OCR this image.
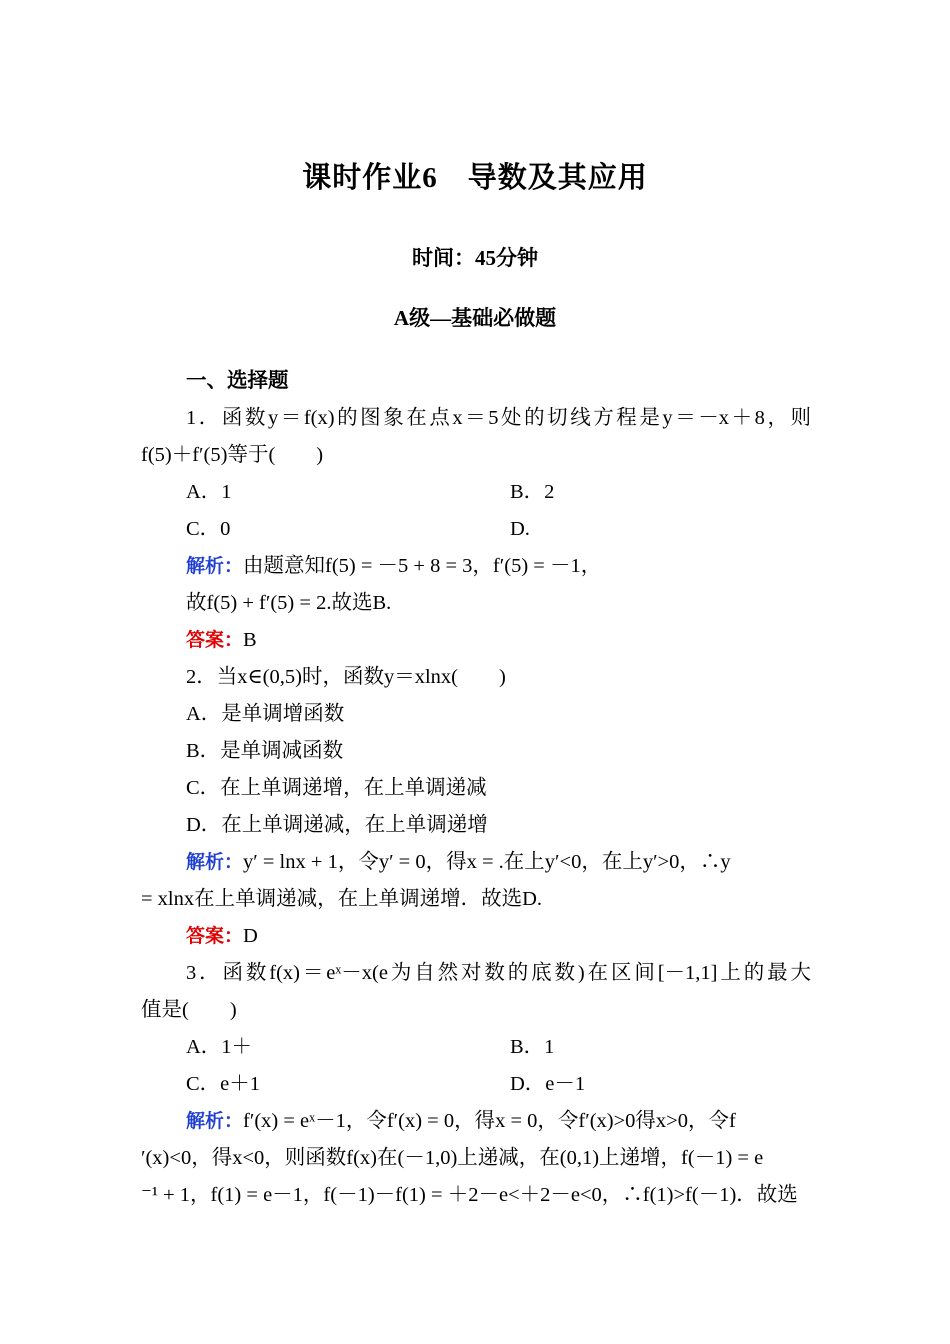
课时作业6　导数及其应用
时间：45分钟
A级—基础必做题
一、选择题
1．函数y＝f(x)的图象在点x＝5处的切线方程是y＝－x＋8，则
f(5)＋f′(5)等于(　　)
A．1	B．2
C．0	D.
解析：由题意知f(5) = －5 + 8 = 3，f′(5) = －1，
故f(5) + f′(5) = 2.故选B.
答案：B
2．当x∈(0,5)时，函数y＝xlnx(　　)
A．是单调增函数
B．是单调减函数
C．在上单调递增，在上单调递减
D．在上单调递减，在上单调递增
解析：y′ = lnx + 1，令y′ = 0，得x = .在上y′<0，在上y′>0，∴y
= xlnx在上单调递减，在上单调递增．故选D.
答案：D
3．函数f(x)＝eˣ－x(e为自然对数的底数)在区间[－1,1]上的最大
值是(　　)
A．1＋	B．1
C．e＋1	D．e－1
解析：f′(x) = eˣ－1，令f′(x) = 0，得x = 0，令f′(x)>0得x>0，令f
′(x)<0，得x<0，则函数f(x)在(－1,0)上递减，在(0,1)上递增，f(－1) = e
⁻¹ + 1，f(1) = e－1，f(－1)－f(1) = ＋2－e<＋2－e<0，∴f(1)>f(－1)．故选
